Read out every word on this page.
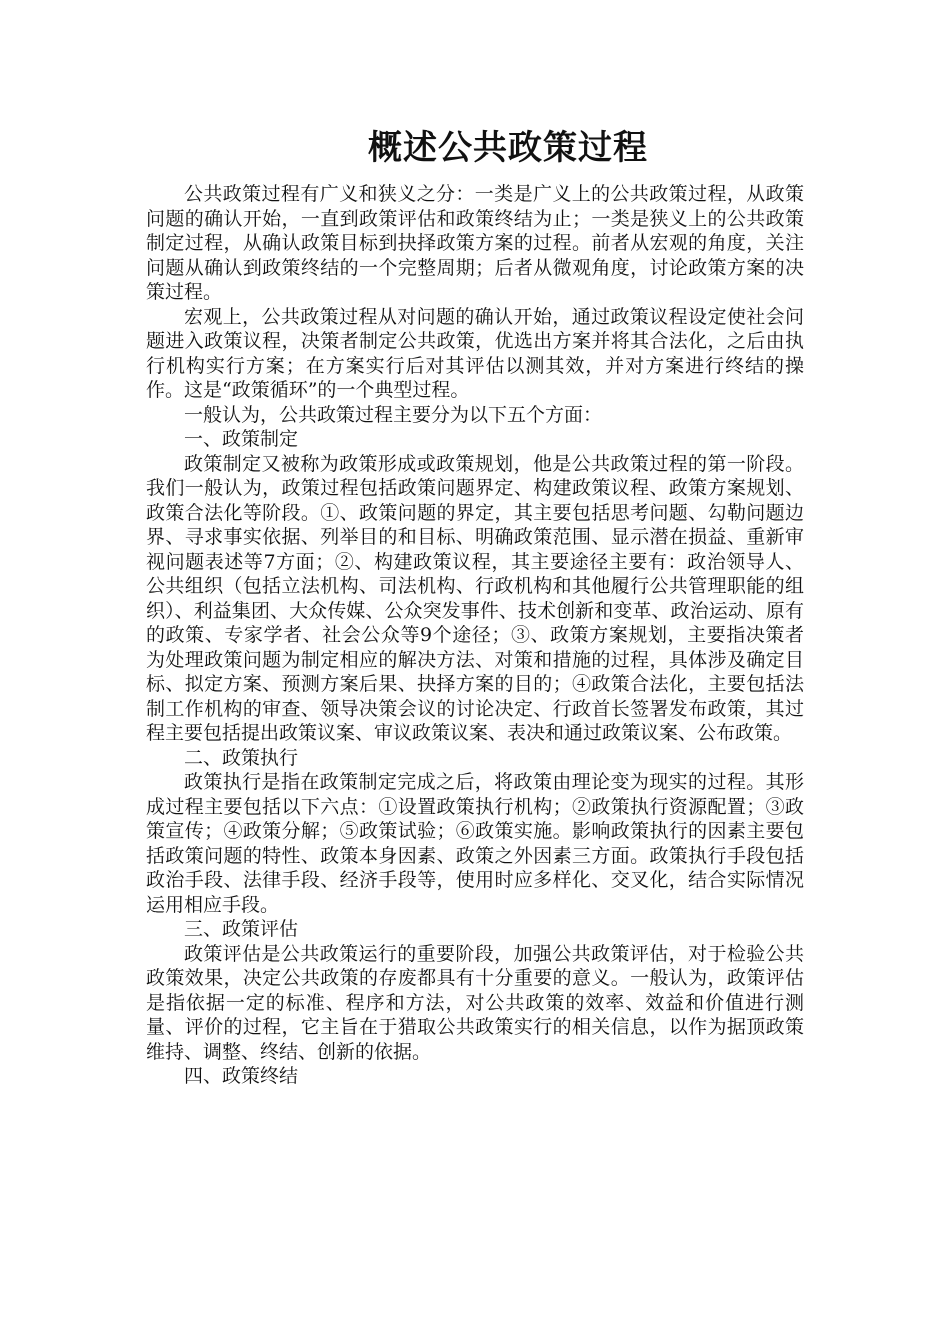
概述公共政策过程

公共政策过程有广义和狭义之分：一类是广义上的公共政策过程，从政策问题的确认开始，一直到政策评估和政策终结为止；一类是狭义上的公共政策制定过程，从确认政策目标到抉择政策方案的过程。前者从宏观的角度，关注问题从确认到政策终结的一个完整周期；后者从微观角度，讨论政策方案的决策过程。

宏观上，公共政策过程从对问题的确认开始，通过政策议程设定使社会问题进入政策议程，决策者制定公共政策，优选出方案并将其合法化，之后由执行机构实行方案；在方案实行后对其评估以测其效，并对方案进行终结的操作。这是“政策循环”的一个典型过程。

一般认为，公共政策过程主要分为以下五个方面：

一、政策制定

政策制定又被称为政策形成或政策规划，他是公共政策过程的第一阶段。我们一般认为，政策过程包括政策问题界定、构建政策议程、政策方案规划、政策合法化等阶段。①、政策问题的界定，其主要包括思考问题、勾勒问题边界、寻求事实依据、列举目的和目标、明确政策范围、显示潜在损益、重新审视问题表述等7方面；②、构建政策议程，其主要途径主要有：政治领导人、公共组织（包括立法机构、司法机构、行政机构和其他履行公共管理职能的组织）、利益集团、大众传媒、公众突发事件、技术创新和变革、政治运动、原有的政策、专家学者、社会公众等9个途径；③、政策方案规划，主要指决策者为处理政策问题为制定相应的解决方法、对策和措施的过程，具体涉及确定目标、拟定方案、预测方案后果、抉择方案的目的；④政策合法化，主要包括法制工作机构的审查、领导决策会议的讨论决定、行政首长签署发布政策，其过程主要包括提出政策议案、审议政策议案、表决和通过政策议案、公布政策。

二、政策执行

政策执行是指在政策制定完成之后，将政策由理论变为现实的过程。其形成过程主要包括以下六点：①设置政策执行机构；②政策执行资源配置；③政策宣传；④政策分解；⑤政策试验；⑥政策实施。影响政策执行的因素主要包括政策问题的特性、政策本身因素、政策之外因素三方面。政策执行手段包括政治手段、法律手段、经济手段等，使用时应多样化、交叉化，结合实际情况运用相应手段。

三、政策评估

政策评估是公共政策运行的重要阶段，加强公共政策评估，对于检验公共政策效果，决定公共政策的存废都具有十分重要的意义。一般认为，政策评估是指依据一定的标准、程序和方法，对公共政策的效率、效益和价值进行测量、评价的过程，它主旨在于猎取公共政策实行的相关信息，以作为据顶政策维持、调整、终结、创新的依据。

四、政策终结
